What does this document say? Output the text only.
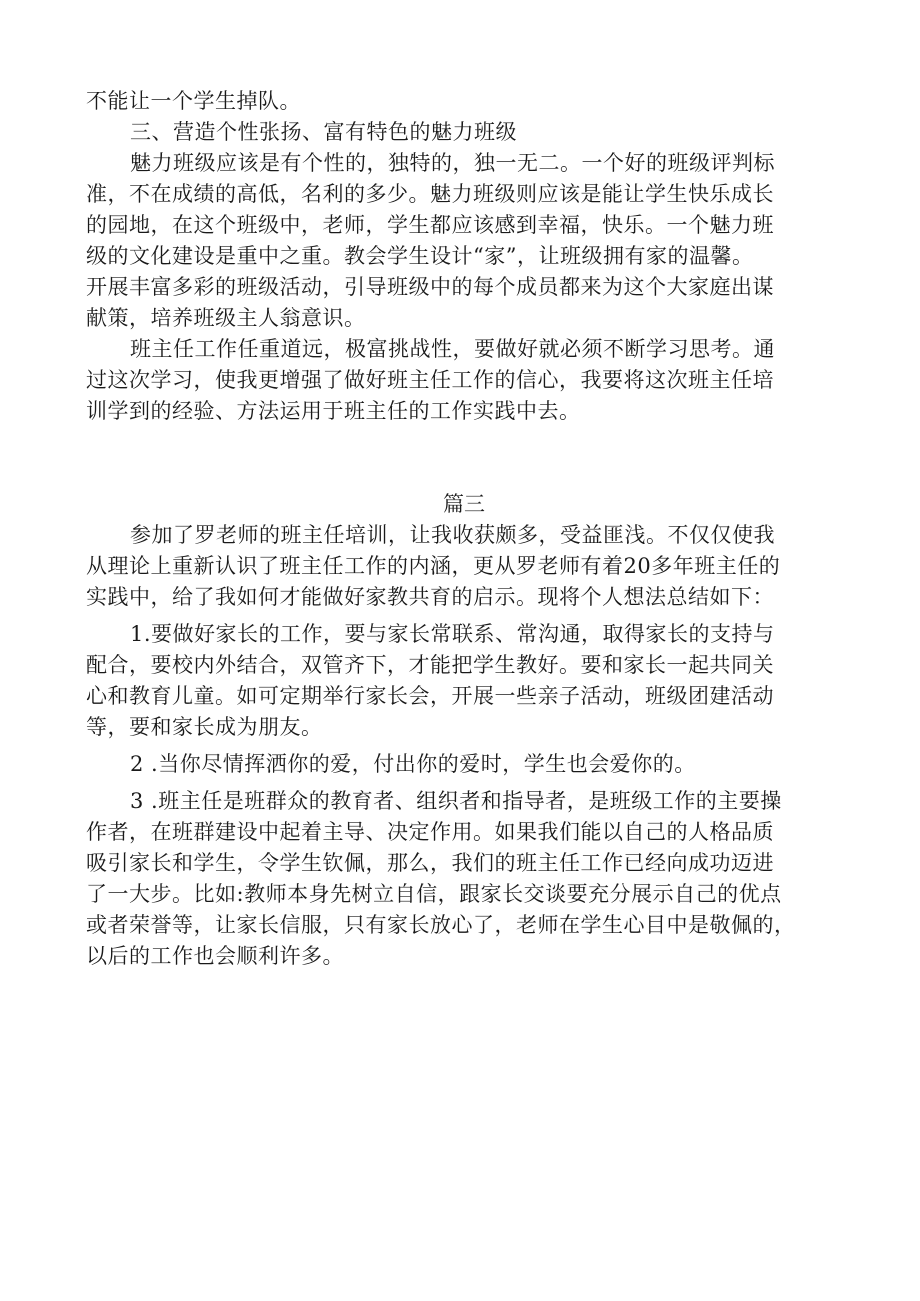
不能让一个学生掉队。
三、营造个性张扬、富有特色的魅力班级
魅力班级应该是有个性的，独特的，独一无二。一个好的班级评判标
准，不在成绩的高低，名利的多少。魅力班级则应该是能让学生快乐成长
的园地，在这个班级中，老师，学生都应该感到幸福，快乐。一个魅力班
级的文化建设是重中之重。教会学生设计“家”，让班级拥有家的温馨。
开展丰富多彩的班级活动，引导班级中的每个成员都来为这个大家庭出谋
献策，培养班级主人翁意识。
班主任工作任重道远，极富挑战性，要做好就必须不断学习思考。通
过这次学习，使我更增强了做好班主任工作的信心，我要将这次班主任培
训学到的经验、方法运用于班主任的工作实践中去。
篇三
参加了罗老师的班主任培训，让我收获颇多，受益匪浅。不仅仅使我
从理论上重新认识了班主任工作的内涵，更从罗老师有着20多年班主任的
实践中，给了我如何才能做好家教共育的启示。现将个人想法总结如下：
1.要做好家长的工作，要与家长常联系、常沟通，取得家长的支持与
配合，要校内外结合，双管齐下，才能把学生教好。要和家长一起共同关
心和教育儿童。如可定期举行家长会，开展一些亲子活动，班级团建活动
等，要和家长成为朋友。
2 .当你尽情挥洒你的爱，付出你的爱时，学生也会爱你的。
3 .班主任是班群众的教育者、组织者和指导者，是班级工作的主要操
作者，在班群建设中起着主导、决定作用。如果我们能以自己的人格品质
吸引家长和学生，令学生钦佩，那么，我们的班主任工作已经向成功迈进
了一大步。比如:教师本身先树立自信，跟家长交谈要充分展示自己的优点
或者荣誉等，让家长信服，只有家长放心了，老师在学生心目中是敬佩的，
以后的工作也会顺利许多。
